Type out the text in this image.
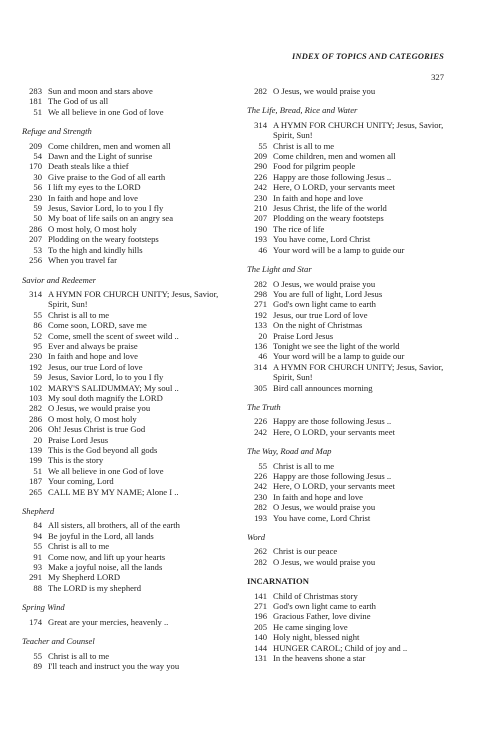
INDEX OF TOPICS AND CATEGORIES
327
283 Sun and moon and stars above
181 The God of us all
51 We all believe in one God of love
Refuge and Strength
209 Come children, men and women all
54 Dawn and the Light of sunrise
170 Death steals like a thief
30 Give praise to the God of all earth
56 I lift my eyes to the LORD
230 In faith and hope and love
59 Jesus, Savior Lord, lo to you I fly
50 My boat of life sails on an angry sea
286 O most holy, O most holy
207 Plodding on the weary footsteps
53 To the high and kindly hills
256 When you travel far
Savior and Redeemer
314 A HYMN FOR CHURCH UNITY; Jesus, Savior, Spirit, Sun!
55 Christ is all to me
86 Come soon, LORD, save me
52 Come, smell the scent of sweet wild ..
95 Ever and always be praise
230 In faith and hope and love
192 Jesus, our true Lord of love
59 Jesus, Savior Lord, lo to you I fly
102 MARY'S SALIDUMMAY; My soul ..
103 My soul doth magnify the LORD
282 O Jesus, we would praise you
286 O most holy, O most holy
206 Oh! Jesus Christ is true God
20 Praise Lord Jesus
139 This is the God beyond all gods
199 This is the story
51 We all believe in one God of love
187 Your coming, Lord
265 CALL ME BY MY NAME; Alone I ..
Shepherd
84 All sisters, all brothers, all of the earth
94 Be joyful in the Lord, all lands
55 Christ is all to me
91 Come now, and lift up your hearts
93 Make a joyful noise, all the lands
291 My Shepherd LORD
88 The LORD is my shepherd
Spring Wind
174 Great are your mercies, heavenly ..
Teacher and Counsel
55 Christ is all to me
89 I'll teach and instruct you the way you
282 O Jesus, we would praise you
The Life, Bread, Rice and Water
314 A HYMN FOR CHURCH UNITY; Jesus, Savior, Spirit, Sun!
55 Christ is all to me
209 Come children, men and women all
290 Food for pilgrim people
226 Happy are those following Jesus ..
242 Here, O LORD, your servants meet
230 In faith and hope and love
210 Jesus Christ, the life of the world
207 Plodding on the weary footsteps
190 The rice of life
193 You have come, Lord Christ
46 Your word will be a lamp to guide our
The Light and Star
282 O Jesus, we would praise you
298 You are full of light, Lord Jesus
271 God's own light came to earth
192 Jesus, our true Lord of love
133 On the night of Christmas
20 Praise Lord Jesus
136 Tonight we see the light of the world
46 Your word will be a lamp to guide our
314 A HYMN FOR CHURCH UNITY; Jesus, Savior, Spirit, Sun!
305 Bird call announces morning
The Truth
226 Happy are those following Jesus ..
242 Here, O LORD, your servants meet
The Way, Road and Map
55 Christ is all to me
226 Happy are those following Jesus ..
242 Here, O LORD, your servants meet
230 In faith and hope and love
282 O Jesus, we would praise you
193 You have come, Lord Christ
Word
262 Christ is our peace
282 O Jesus, we would praise you
INCARNATION
141 Child of Christmas story
271 God's own light came to earth
196 Gracious Father, love divine
205 He came singing love
140 Holy night, blessed night
144 HUNGER CAROL; Child of joy and ..
131 In the heavens shone a star
